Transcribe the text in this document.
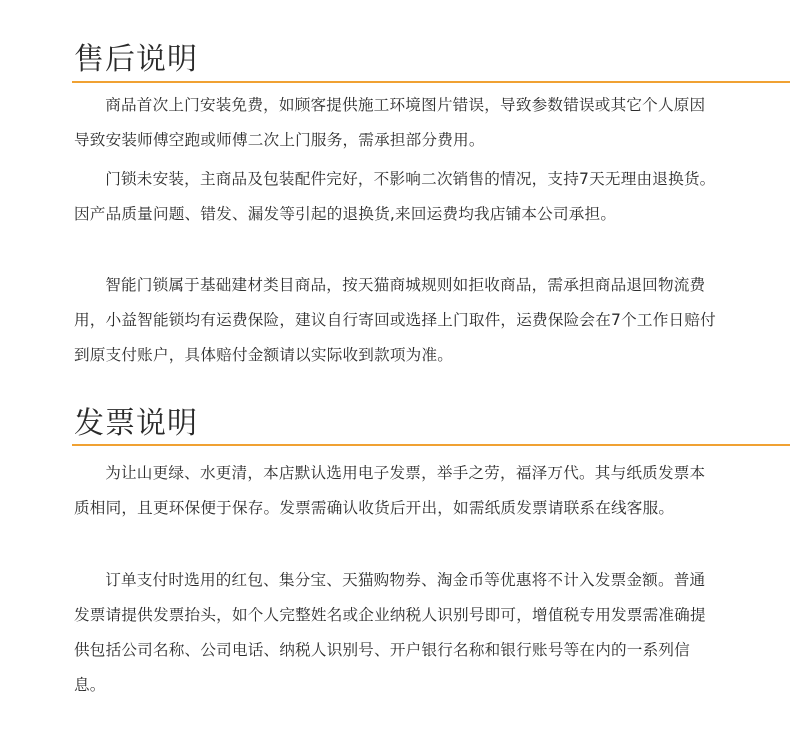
售后说明

商品首次上门安装免费，如顾客提供施工环境图片错误，导致参数错误或其它个人原因导致安装师傅空跑或师傅二次上门服务，需承担部分费用。

门锁未安装，主商品及包装配件完好，不影响二次销售的情况，支持7天无理由退换货。因产品质量问题、错发、漏发等引起的退换货,来回运费均我店铺本公司承担。

智能门锁属于基础建材类目商品，按天猫商城规则如拒收商品，需承担商品退回物流费用，小益智能锁均有运费保险，建议自行寄回或选择上门取件，运费保险会在7个工作日赔付到原支付账户，具体赔付金额请以实际收到款项为准。

发票说明

为让山更绿、水更清，本店默认选用电子发票，举手之劳，福泽万代。其与纸质发票本质相同，且更环保便于保存。发票需确认收货后开出，如需纸质发票请联系在线客服。

订单支付时选用的红包、集分宝、天猫购物券、淘金币等优惠将不计入发票金额。普通发票请提供发票抬头，如个人完整姓名或企业纳税人识别号即可，增值税专用发票需准确提供包括公司名称、公司电话、纳税人识别号、开户银行名称和银行账号等在内的一系列信息。
